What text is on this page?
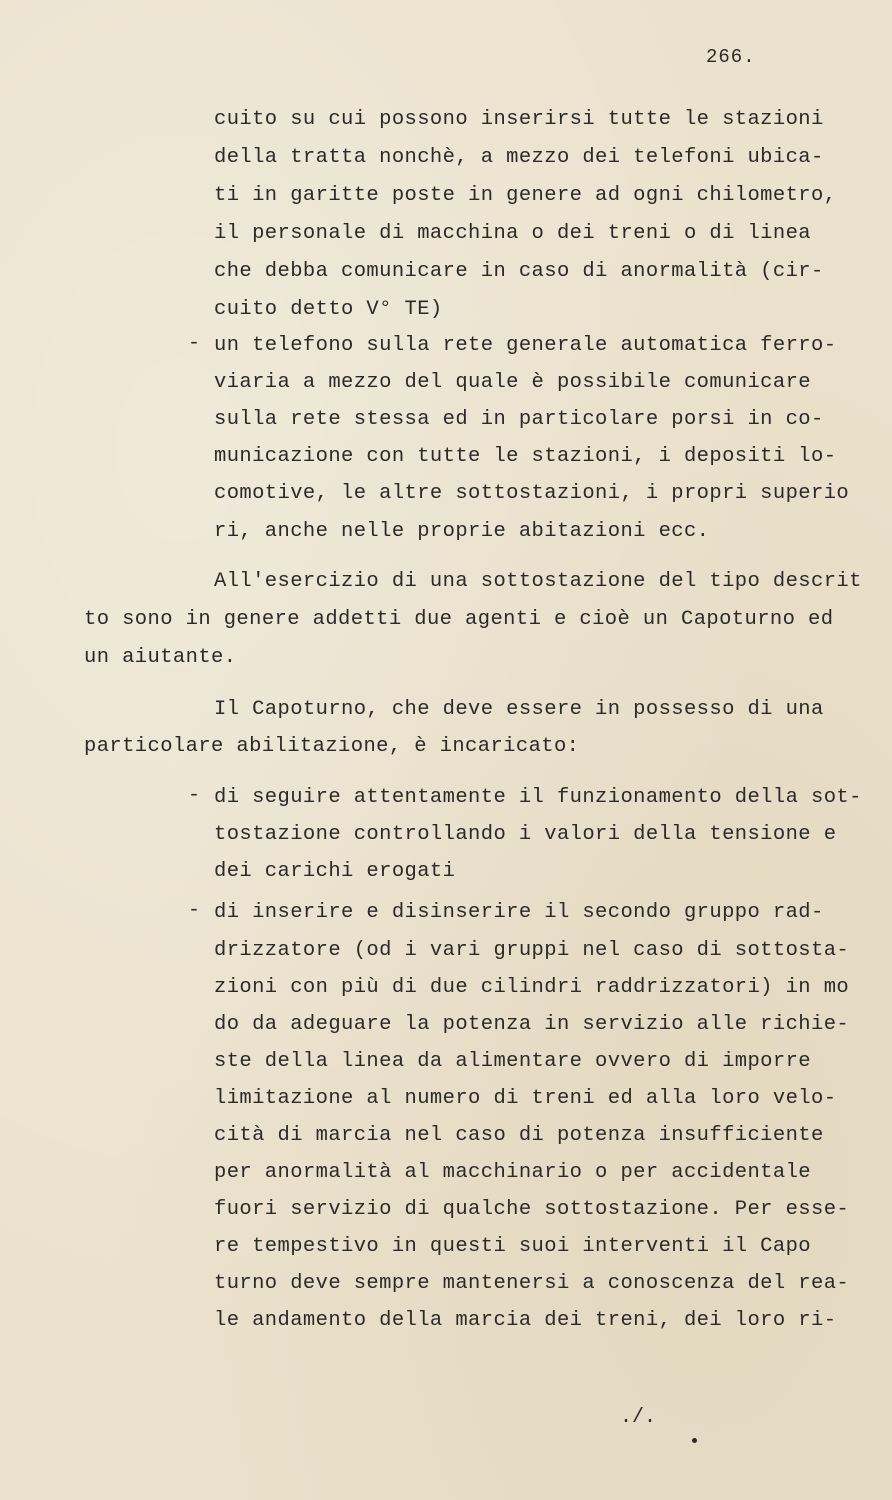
266.
cuito su cui possono inserirsi tutte le stazioni
della tratta nonchè, a mezzo dei telefoni ubica-
ti in garitte poste in genere ad ogni chilometro,
il personale di macchina o dei treni o di linea
che debba comunicare in caso di anormalità (cir-
cuito detto V° TE)
- un telefono sulla rete generale automatica ferro-
viaria a mezzo del quale è possibile comunicare
sulla rete stessa ed in particolare porsi in co-
municazione con tutte le stazioni, i depositi lo-
comotive, le altre sottostazioni, i propri superio
ri, anche nelle proprie abitazioni ecc.
All'esercizio di una sottostazione del tipo descrit
to sono in genere addetti due agenti e cioè un Capoturno ed
un aiutante.
Il Capoturno, che deve essere in possesso di una
particolare abilitazione, è incaricato:
- di seguire attentamente il funzionamento della sot-
tostazione controllando i valori della tensione e
dei carichi erogati
- di inserire e disinserire il secondo gruppo rad-
drizzatore (od i vari gruppi nel caso di sottosta-
zioni con più di due cilindri raddrizzatori) in mo
do da adeguare la potenza in servizio alle richie-
ste della linea da alimentare ovvero di imporre
limitazione al numero di treni ed alla loro velo-
cità di marcia nel caso di potenza insufficiente
per anormalità al macchinario o per accidentale
fuori servizio di qualche sottostazione. Per esse-
re tempestivo in questi suoi interventi il Capo
turno deve sempre mantenersi a conoscenza del rea-
le andamento della marcia dei treni, dei loro ri-
./.
